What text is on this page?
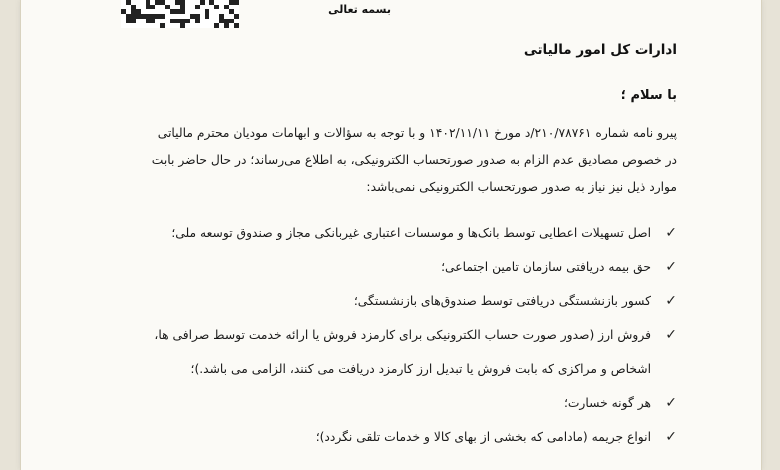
بسمه تعالی
ادارات کل امور مالیاتی
با سلام ؛
پیرو نامه شماره ۲۱۰/۷۸۷۶۱/د مورخ ۱۴۰۲/۱۱/۱۱ و با توجه به سؤالات و ابهامات مودیان محترم مالیاتی
در خصوص مصادیق عدم الزام به صدور صورتحساب الکترونیکی، به اطلاع می‌رساند؛ در حال حاضر بابت
موارد ذیل نیز نیاز به صدور صورتحساب الکترونیکی نمی‌باشد:
✓
اصل تسهیلات اعطایی توسط بانک‌ها و موسسات اعتباری غیربانکی مجاز و صندوق توسعه ملی؛
✓
حق بیمه دریافتی سازمان تامین اجتماعی؛
✓
کسور بازنشستگی دریافتی توسط صندوق‌های بازنشستگی؛
✓
فروش ارز (صدور صورت حساب الکترونیکی برای کارمزد فروش یا ارائه خدمت توسط صرافی ها،
اشخاص و مراکزی که بابت فروش یا تبدیل ارز کارمزد دریافت می کنند، الزامی می باشد.)؛
✓
هر گونه خسارت؛
✓
انواع جریمه (مادامی که بخشی از بهای کالا و خدمات تلقی نگردد)؛
